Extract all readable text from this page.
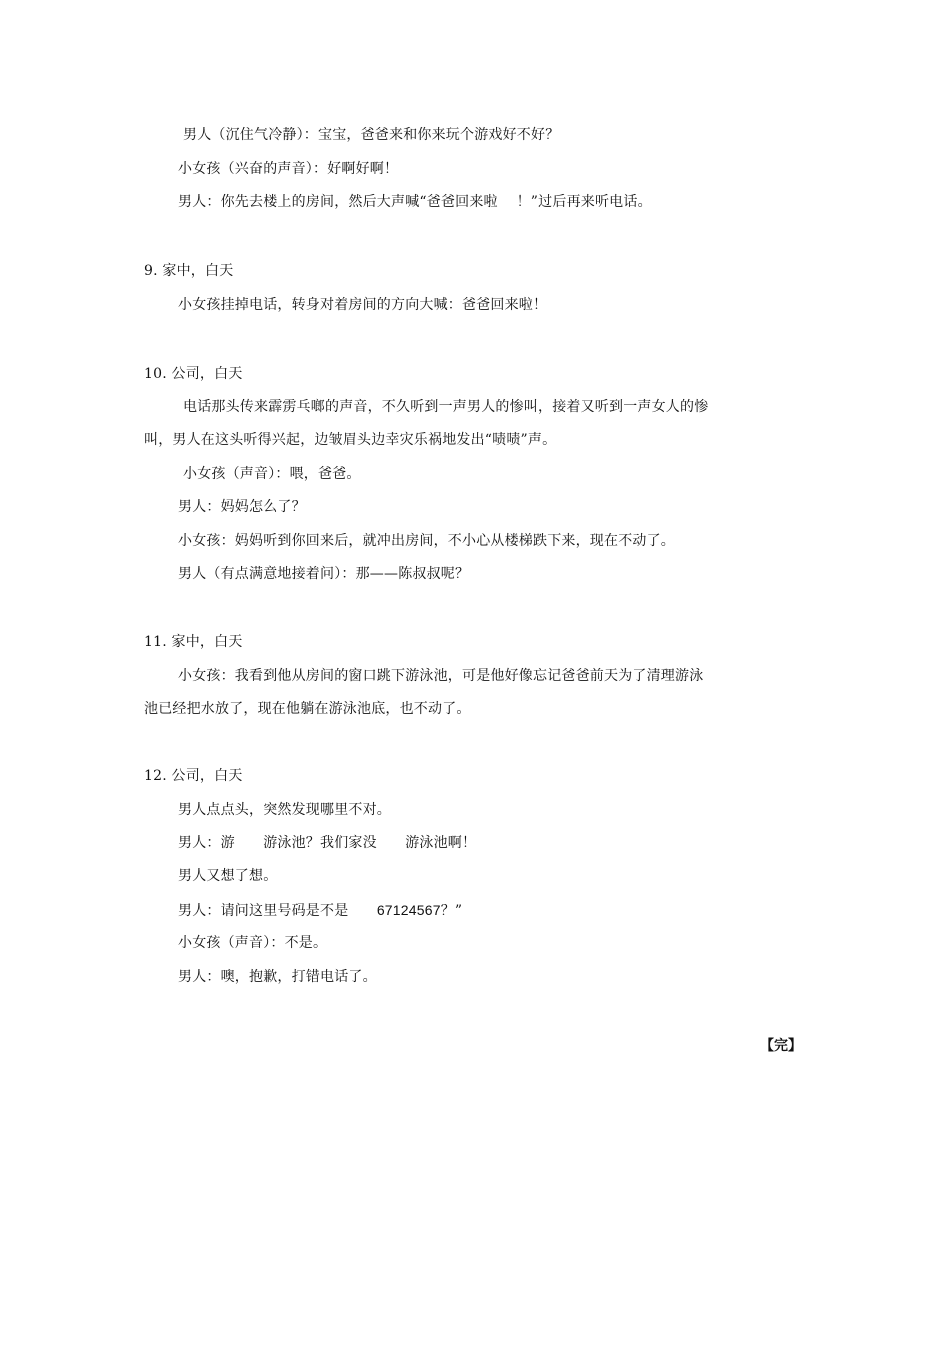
男人（沉住气冷静）：宝宝，爸爸来和你来玩个游戏好不好？
小女孩（兴奋的声音）：好啊好啊！
男人：你先去楼上的房间，然后大声喊“爸爸回来啦　 ！”过后再来听电话。
9. 家中，白天
小女孩挂掉电话，转身对着房间的方向大喊：爸爸回来啦！
10. 公司，白天
电话那头传来霹雳乓啷的声音，不久听到一声男人的惨叫，接着又听到一声女人的惨
叫，男人在这头听得兴起，边皱眉头边幸灾乐祸地发出“啧啧”声。
小女孩（声音）：喂，爸爸。
男人：妈妈怎么了？
小女孩：妈妈听到你回来后，就冲出房间，不小心从楼梯跌下来，现在不动了。
男人（有点满意地接着问）：那——陈叔叔呢？
11. 家中，白天
小女孩：我看到他从房间的窗口跳下游泳池，可是他好像忘记爸爸前天为了清理游泳
池已经把水放了，现在他躺在游泳池底，也不动了。
12. 公司，白天
男人点点头，突然发现哪里不对。
男人：游　　游泳池？我们家没　　游泳池啊！
男人又想了想。
男人：请问这里号码是不是　　67124567？”
小女孩（声音）：不是。
男人：噢，抱歉，打错电话了。
【完】
